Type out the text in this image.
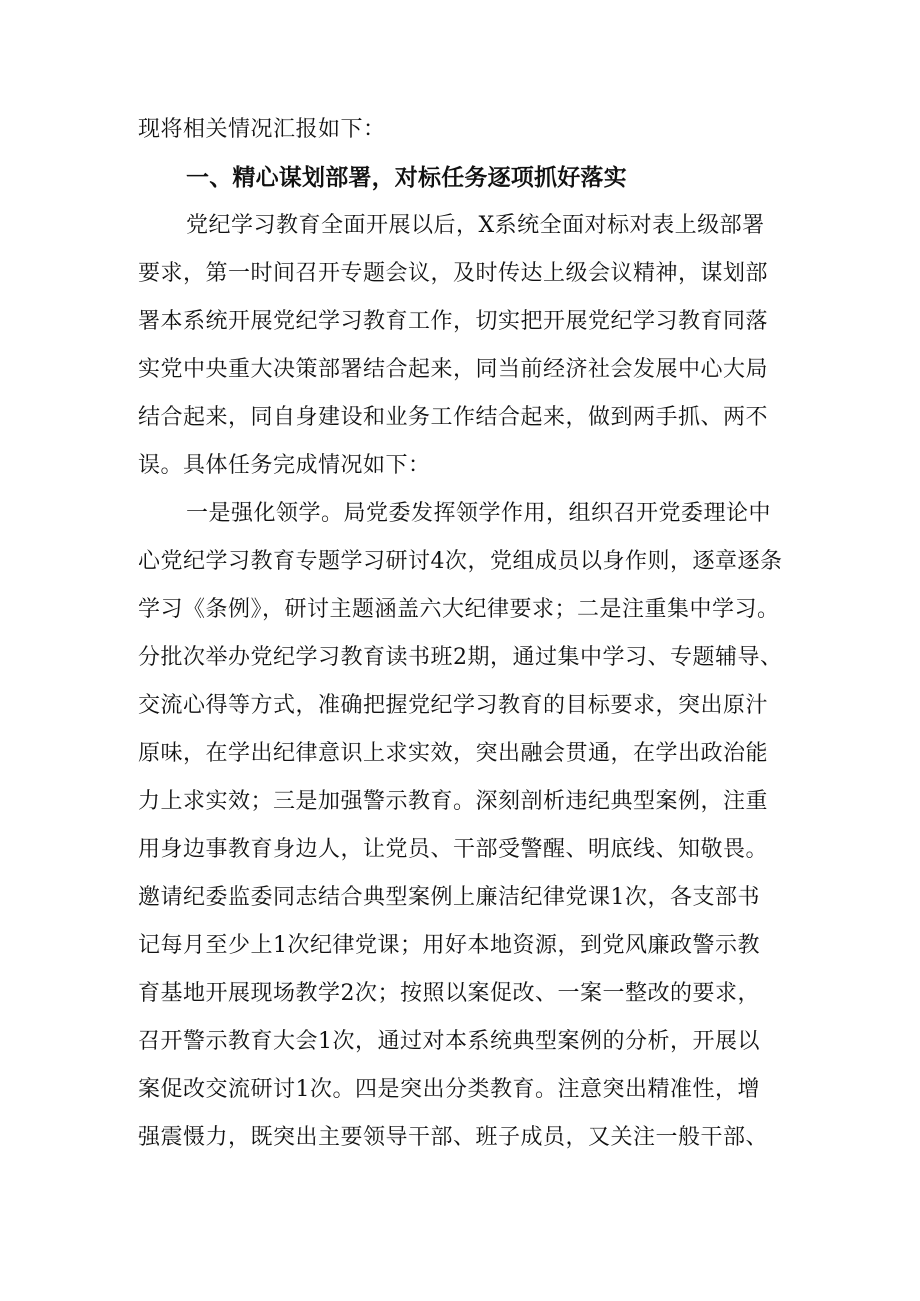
现将相关情况汇报如下：
一、精心谋划部署，对标任务逐项抓好落实
党纪学习教育全面开展以后，X系统全面对标对表上级部署
要求，第一时间召开专题会议，及时传达上级会议精神，谋划部
署本系统开展党纪学习教育工作，切实把开展党纪学习教育同落
实党中央重大决策部署结合起来，同当前经济社会发展中心大局
结合起来，同自身建设和业务工作结合起来，做到两手抓、两不
误。具体任务完成情况如下：
一是强化领学。局党委发挥领学作用，组织召开党委理论中
心党纪学习教育专题学习研讨4次，党组成员以身作则，逐章逐条
学习《条例》，研讨主题涵盖六大纪律要求；二是注重集中学习。
分批次举办党纪学习教育读书班2期，通过集中学习、专题辅导、
交流心得等方式，准确把握党纪学习教育的目标要求，突出原汁
原味，在学出纪律意识上求实效，突出融会贯通，在学出政治能
力上求实效；三是加强警示教育。深刻剖析违纪典型案例，注重
用身边事教育身边人，让党员、干部受警醒、明底线、知敬畏。
邀请纪委监委同志结合典型案例上廉洁纪律党课1次，各支部书
记每月至少上1次纪律党课；用好本地资源，到党风廉政警示教
育基地开展现场教学2次；按照以案促改、一案一整改的要求，
召开警示教育大会1次，通过对本系统典型案例的分析，开展以
案促改交流研讨1次。四是突出分类教育。注意突出精准性，增
强震慑力，既突出主要领导干部、班子成员，又关注一般干部、
